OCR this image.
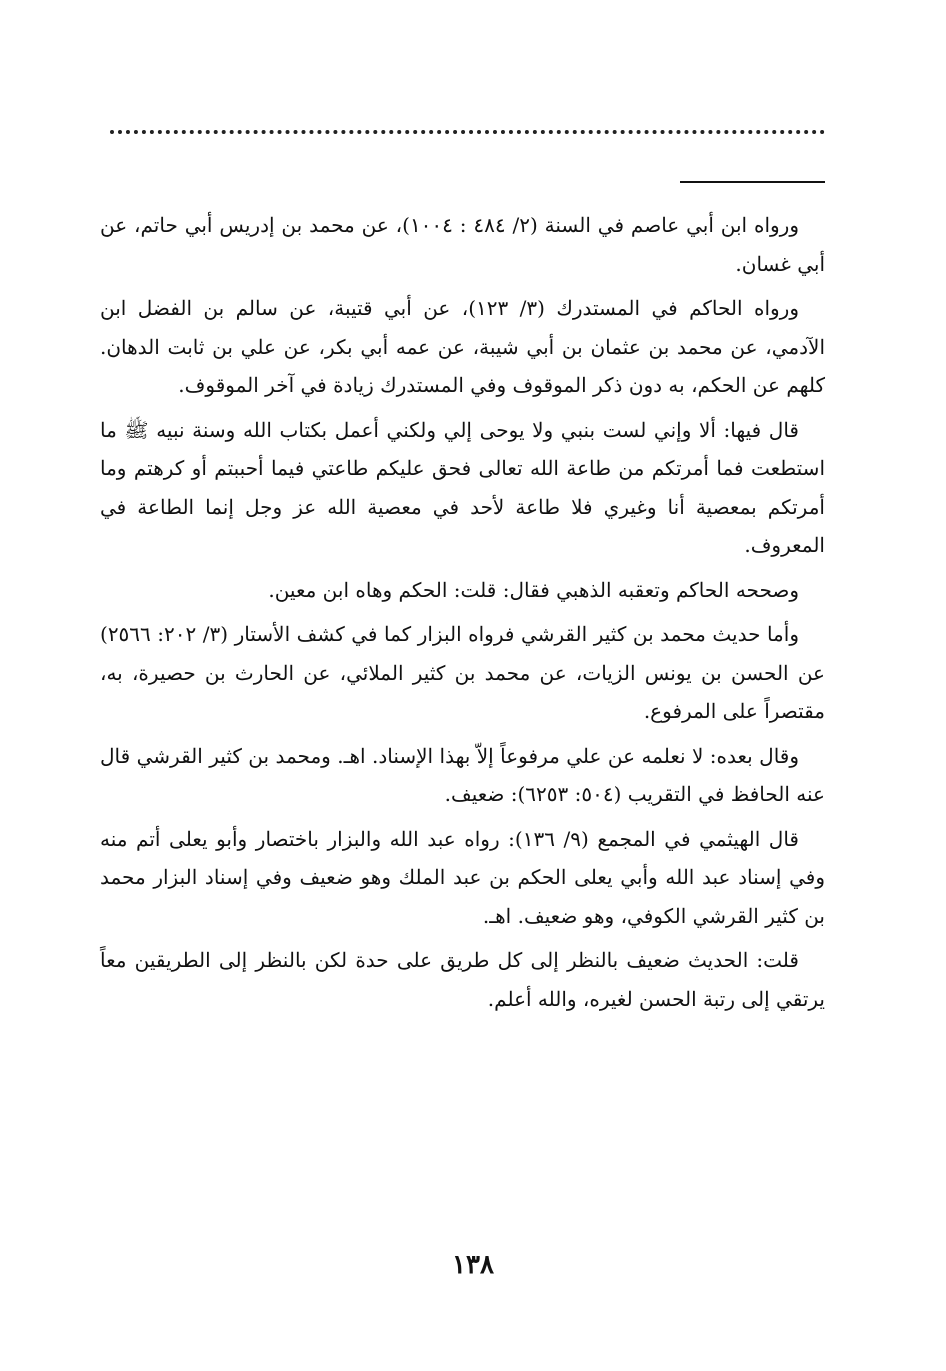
ورواه ابن أبي عاصم في السنة (٢/ ٤٨٤ : ١٠٠٤)، عن محمد بن إدريس أبي حاتم، عن أبي غسان.

ورواه الحاكم في المستدرك (٣/ ١٢٣)، عن أبي قتيبة، عن سالم بن الفضل ابن الآدمي، عن محمد بن عثمان بن أبي شيبة، عن عمه أبي بكر، عن علي بن ثابت الدهان. كلهم عن الحكم، به دون ذكر الموقوف وفي المستدرك زيادة في آخر الموقوف.

قال فيها: ألا وإني لست بنبي ولا يوحى إلي ولكني أعمل بكتاب الله وسنة نبيه ﷺ ما استطعت فما أمرتكم من طاعة الله تعالى فحق عليكم طاعتي فيما أحببتم أو كرهتم وما أمرتكم بمعصية أنا وغيري فلا طاعة لأحد في معصية الله عز وجل إنما الطاعة في المعروف.

وصححه الحاكم وتعقبه الذهبي فقال: قلت: الحكم وهاه ابن معين.

وأما حديث محمد بن كثير القرشي فرواه البزار كما في كشف الأستار (٣/ ٢٠٢: ٢٥٦٦) عن الحسن بن يونس الزيات، عن محمد بن كثير الملائي، عن الحارث بن حصيرة، به، مقتصراً على المرفوع.

وقال بعده: لا نعلمه عن علي مرفوعاً إلاّ بهذا الإسناد. اهـ. ومحمد بن كثير القرشي قال عنه الحافظ في التقريب (٥٠٤: ٦٢٥٣): ضعيف.

قال الهيثمي في المجمع (٩/ ١٣٦): رواه عبد الله والبزار باختصار وأبو يعلى أتم منه وفي إسناد عبد الله وأبي يعلى الحكم بن عبد الملك وهو ضعيف وفي إسناد البزار محمد بن كثير القرشي الكوفي، وهو ضعيف. اهـ.

قلت: الحديث ضعيف بالنظر إلى كل طريق على حدة لكن بالنظر إلى الطريقين معاً يرتقي إلى رتبة الحسن لغيره، والله أعلم.

١٣٨
